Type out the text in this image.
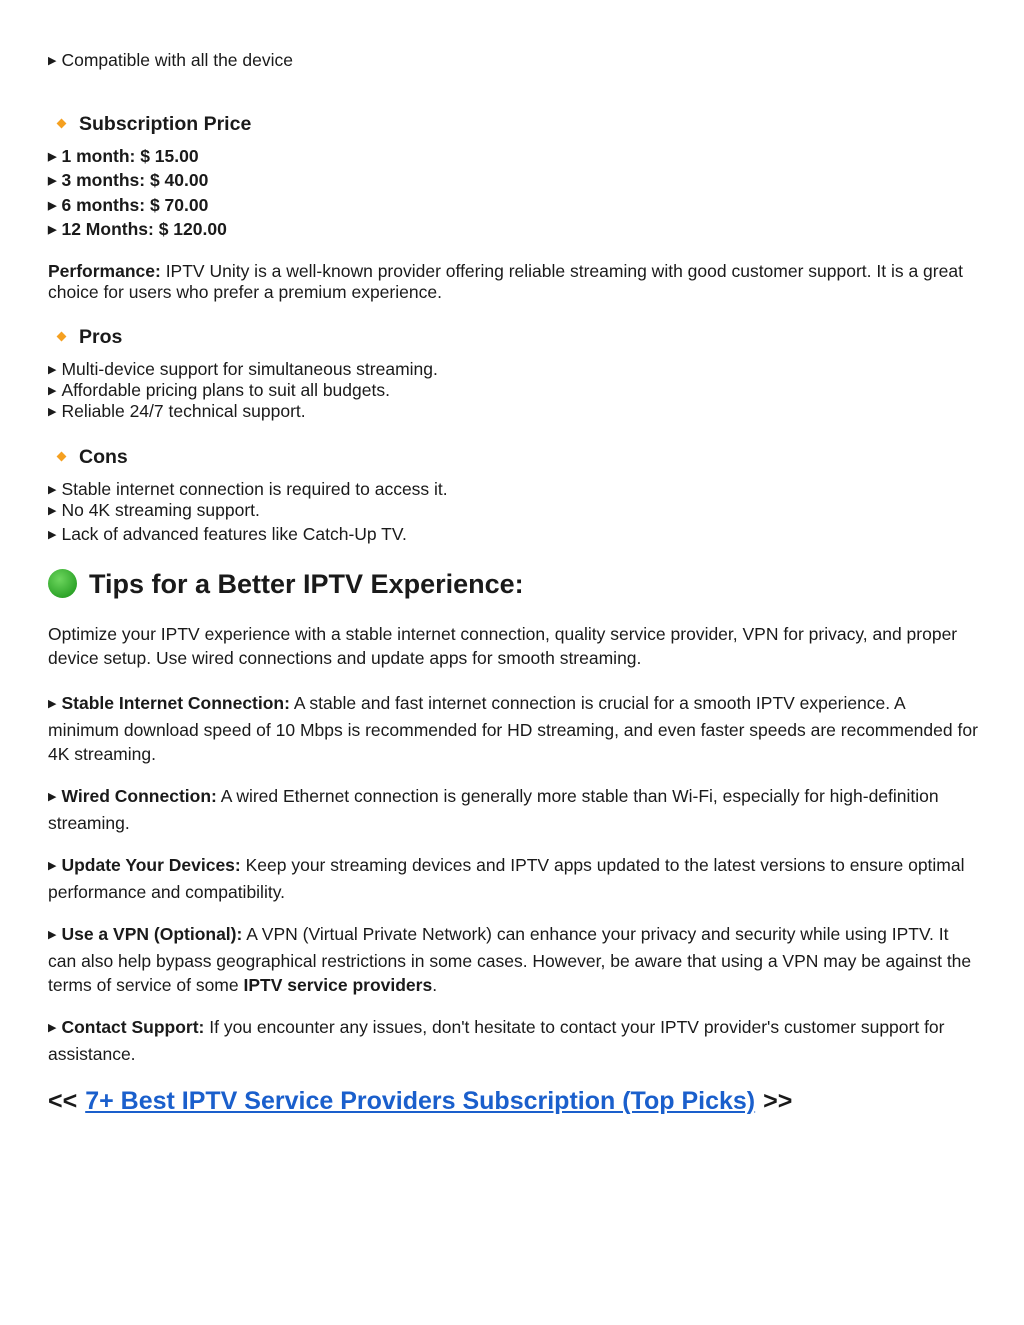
▶ Compatible with all the device
Subscription Price
▶ 1 month: $ 15.00
▶ 3 months: $ 40.00
▶ 6 months: $ 70.00
▶ 12 Months: $ 120.00
Performance: IPTV Unity is a well-known provider offering reliable streaming with good customer support. It is a great choice for users who prefer a premium experience.
Pros
▶ Multi-device support for simultaneous streaming.
▶ Affordable pricing plans to suit all budgets.
▶ Reliable 24/7 technical support.
Cons
▶ Stable internet connection is required to access it.
▶ No 4K streaming support.
▶ Lack of advanced features like Catch-Up TV.
Tips for a Better IPTV Experience:
Optimize your IPTV experience with a stable internet connection, quality service provider, VPN for privacy, and proper device setup. Use wired connections and update apps for smooth streaming.
▶ Stable Internet Connection: A stable and fast internet connection is crucial for a smooth IPTV experience. A minimum download speed of 10 Mbps is recommended for HD streaming, and even faster speeds are recommended for 4K streaming.
▶ Wired Connection: A wired Ethernet connection is generally more stable than Wi-Fi, especially for high-definition streaming.
▶ Update Your Devices: Keep your streaming devices and IPTV apps updated to the latest versions to ensure optimal performance and compatibility.
▶ Use a VPN (Optional): A VPN (Virtual Private Network) can enhance your privacy and security while using IPTV. It can also help bypass geographical restrictions in some cases. However, be aware that using a VPN may be against the terms of service of some IPTV service providers.
▶ Contact Support: If you encounter any issues, don't hesitate to contact your IPTV provider's customer support for assistance.
<< 7+ Best IPTV Service Providers Subscription (Top Picks) >>
